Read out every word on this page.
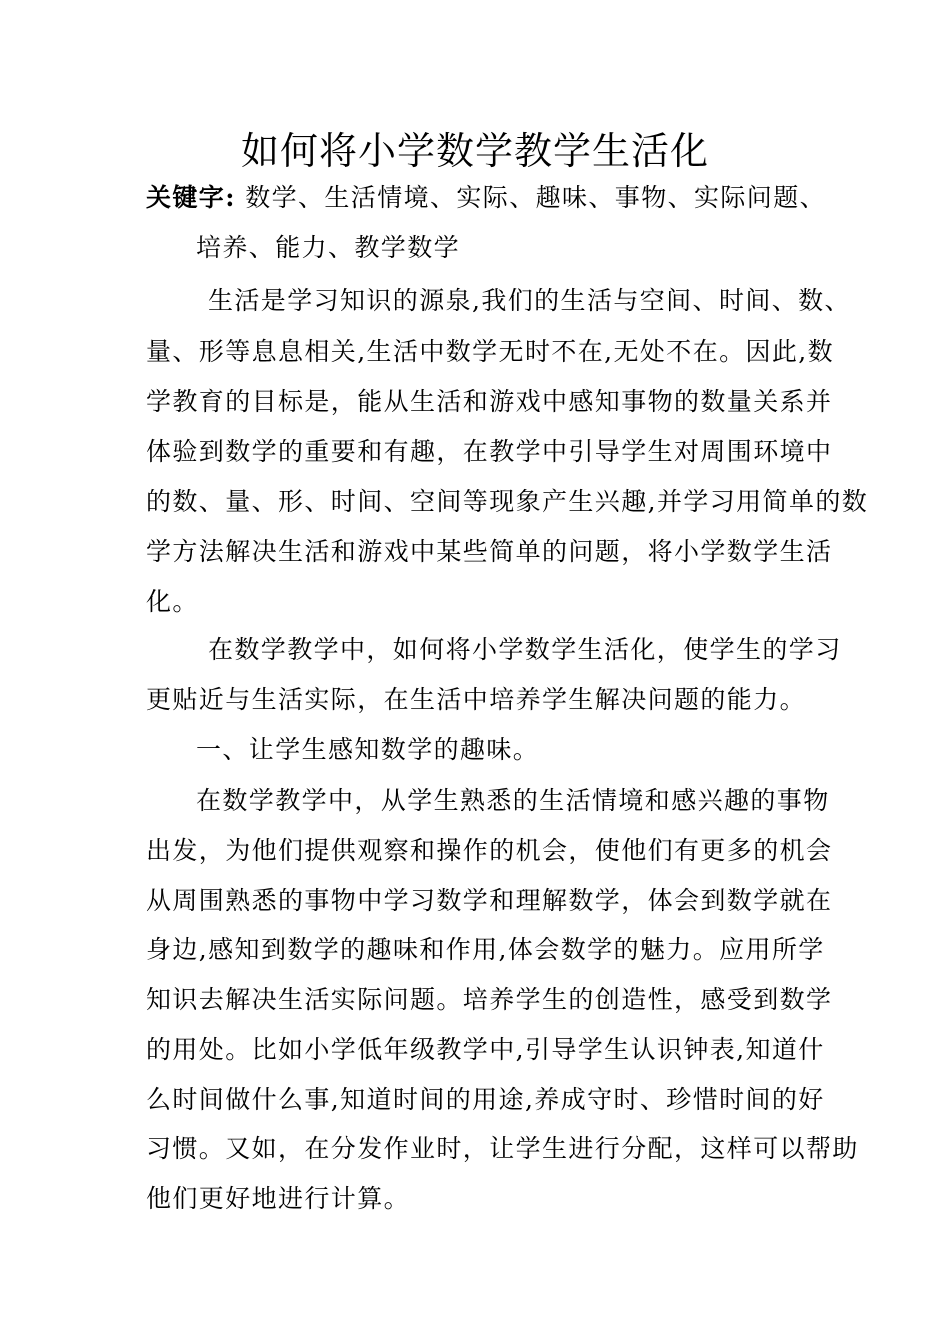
如何将小学数学教学生活化
关键字: 数学、生活情境、实际、趣味、事物、实际问题、
培养、能力、教学数学
生活是学习知识的源泉,我们的生活与空间、时间、数、
量、形等息息相关,生活中数学无时不在,无处不在。因此,数
学教育的目标是，能从生活和游戏中感知事物的数量关系并
体验到数学的重要和有趣，在教学中引导学生对周围环境中
的数、量、形、时间、空间等现象产生兴趣,并学习用简单的数
学方法解决生活和游戏中某些简单的问题，将小学数学生活
化。
在数学教学中，如何将小学数学生活化，使学生的学习
更贴近与生活实际，在生活中培养学生解决问题的能力。
一、让学生感知数学的趣味。
在数学教学中，从学生熟悉的生活情境和感兴趣的事物
出发，为他们提供观察和操作的机会，使他们有更多的机会
从周围熟悉的事物中学习数学和理解数学，体会到数学就在
身边,感知到数学的趣味和作用,体会数学的魅力。应用所学
知识去解决生活实际问题。培养学生的创造性，感受到数学
的用处。比如小学低年级教学中,引导学生认识钟表,知道什
么时间做什么事,知道时间的用途,养成守时、珍惜时间的好
习惯。又如，在分发作业时，让学生进行分配，这样可以帮助
他们更好地进行计算。
